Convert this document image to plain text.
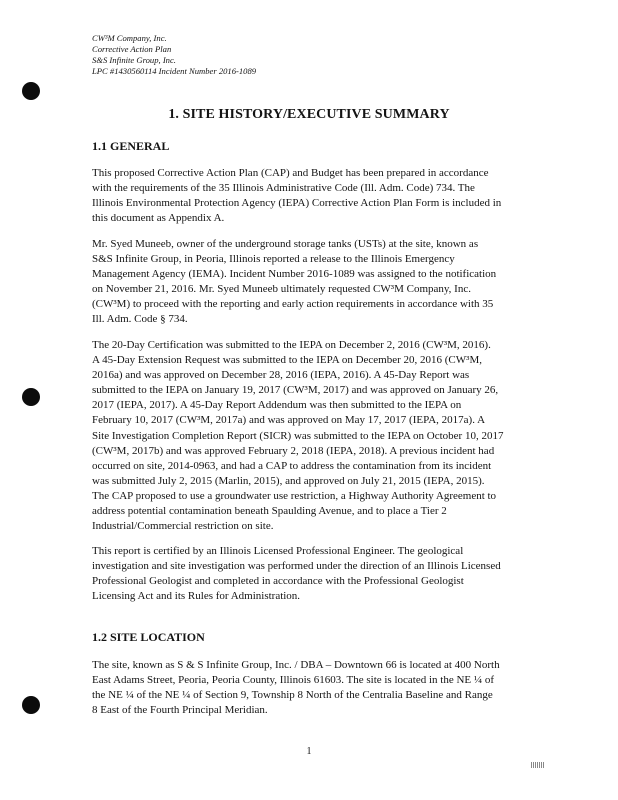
CW³M Company, Inc.
Corrective Action Plan
S&S Infinite Group, Inc.
LPC #1430560114 Incident Number 2016-1089
1. SITE HISTORY/EXECUTIVE SUMMARY
1.1 GENERAL
This proposed Corrective Action Plan (CAP) and Budget has been prepared in accordance
with the requirements of the 35 Illinois Administrative Code (Ill. Adm. Code) 734. The
Illinois Environmental Protection Agency (IEPA) Corrective Action Plan Form is included in
this document as Appendix A.
Mr. Syed Muneeb, owner of the underground storage tanks (USTs) at the site, known as
S&S Infinite Group, in Peoria, Illinois reported a release to the Illinois Emergency
Management Agency (IEMA). Incident Number 2016-1089 was assigned to the notification
on November 21, 2016. Mr. Syed Muneeb ultimately requested CW³M Company, Inc.
(CW³M) to proceed with the reporting and early action requirements in accordance with 35
Ill. Adm. Code § 734.
The 20-Day Certification was submitted to the IEPA on December 2, 2016 (CW³M, 2016).
A 45-Day Extension Request was submitted to the IEPA on December 20, 2016 (CW³M,
2016a) and was approved on December 28, 2016 (IEPA, 2016). A 45-Day Report was
submitted to the IEPA on January 19, 2017 (CW³M, 2017) and was approved on January 26,
2017 (IEPA, 2017). A 45-Day Report Addendum was then submitted to the IEPA on
February 10, 2017 (CW³M, 2017a) and was approved on May 17, 2017 (IEPA, 2017a). A
Site Investigation Completion Report (SICR) was submitted to the IEPA on October 10, 2017
(CW³M, 2017b) and was approved February 2, 2018 (IEPA, 2018). A previous incident had
occurred on site, 2014-0963, and had a CAP to address the contamination from its incident
was submitted July 2, 2015 (Marlin, 2015), and approved on July 21, 2015 (IEPA, 2015).
The CAP proposed to use a groundwater use restriction, a Highway Authority Agreement to
address potential contamination beneath Spaulding Avenue, and to place a Tier 2
Industrial/Commercial restriction on site.
This report is certified by an Illinois Licensed Professional Engineer. The geological
investigation and site investigation was performed under the direction of an Illinois Licensed
Professional Geologist and completed in accordance with the Professional Geologist
Licensing Act and its Rules for Administration.
1.2 SITE LOCATION
The site, known as S & S Infinite Group, Inc. / DBA – Downtown 66 is located at 400 North
East Adams Street, Peoria, Peoria County, Illinois 61603. The site is located in the NE ¼ of
the NE ¼ of the NE ¼ of Section 9, Township 8 North of the Centralia Baseline and Range
8 East of the Fourth Principal Meridian.
1
